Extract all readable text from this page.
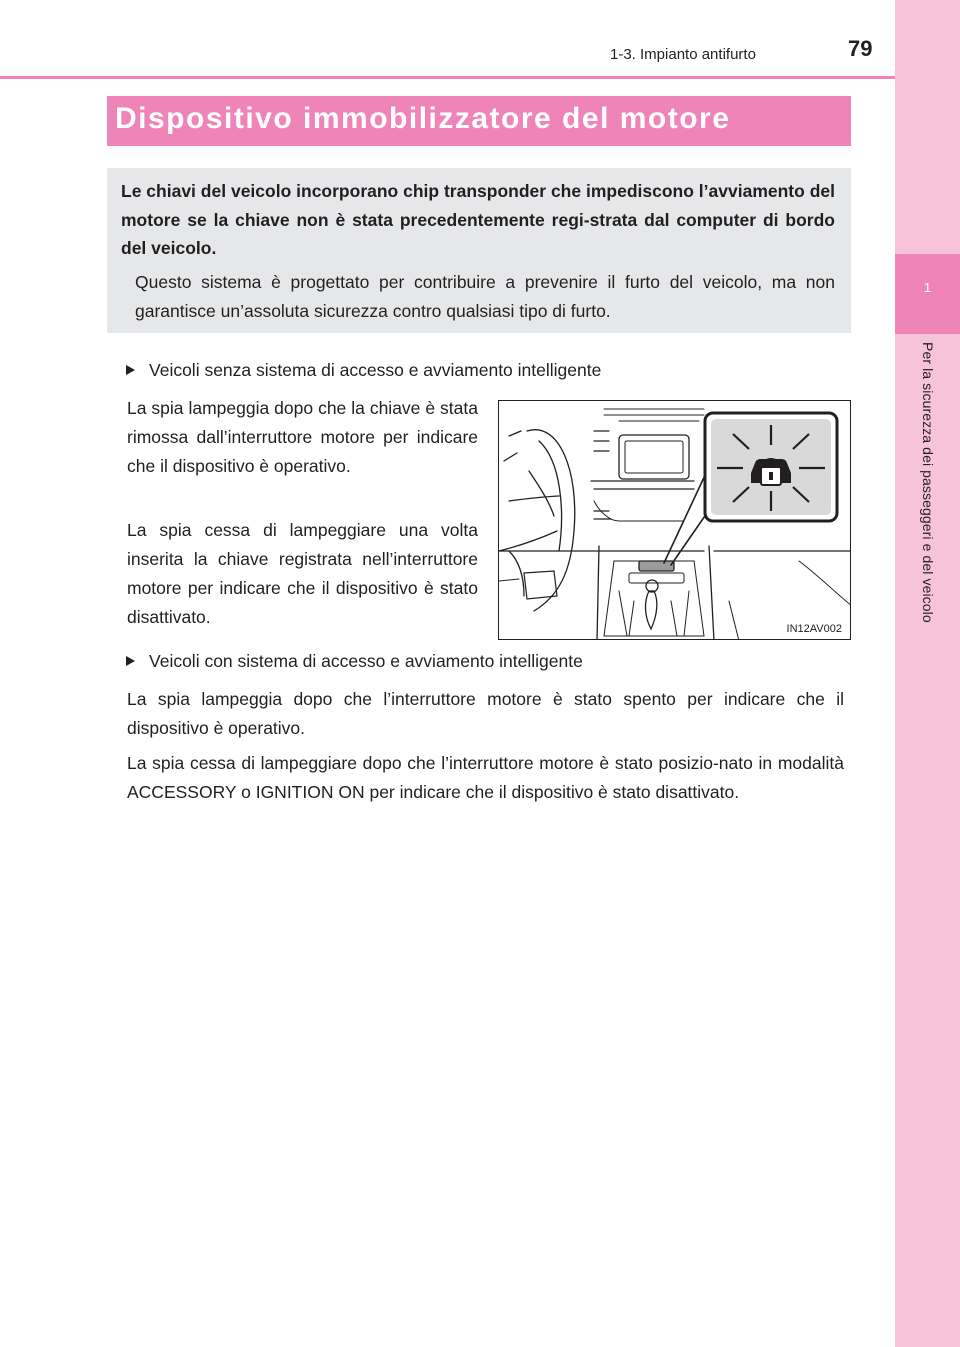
1
Per la sicurezza dei passeggeri e del veicolo
1-3. Impianto antifurto	79
Dispositivo immobilizzatore del motore
Le chiavi del veicolo incorporano chip transponder che impediscono l’avviamento del motore se la chiave non è stata precedentemente regi-strata dal computer di bordo del veicolo.
Questo sistema è progettato per contribuire a prevenire il furto del veicolo, ma non garantisce un’assoluta sicurezza contro qualsiasi tipo di furto.
Veicoli senza sistema di accesso e avviamento intelligente
La spia lampeggia dopo che la chiave è stata rimossa dall’interruttore motore per indicare che il dispositivo è operativo.
La spia cessa di lampeggiare una volta inserita la chiave registrata nell’interruttore motore per indicare che il dispositivo è stato disattivato.
IN12AV002
Veicoli con sistema di accesso e avviamento intelligente
La spia lampeggia dopo che l’interruttore motore è stato spento per indicare che il dispositivo è operativo.
La spia cessa di lampeggiare dopo che l’interruttore motore è stato posizio-nato in modalità ACCESSORY o IGNITION ON per indicare che il dispositivo è stato disattivato.
